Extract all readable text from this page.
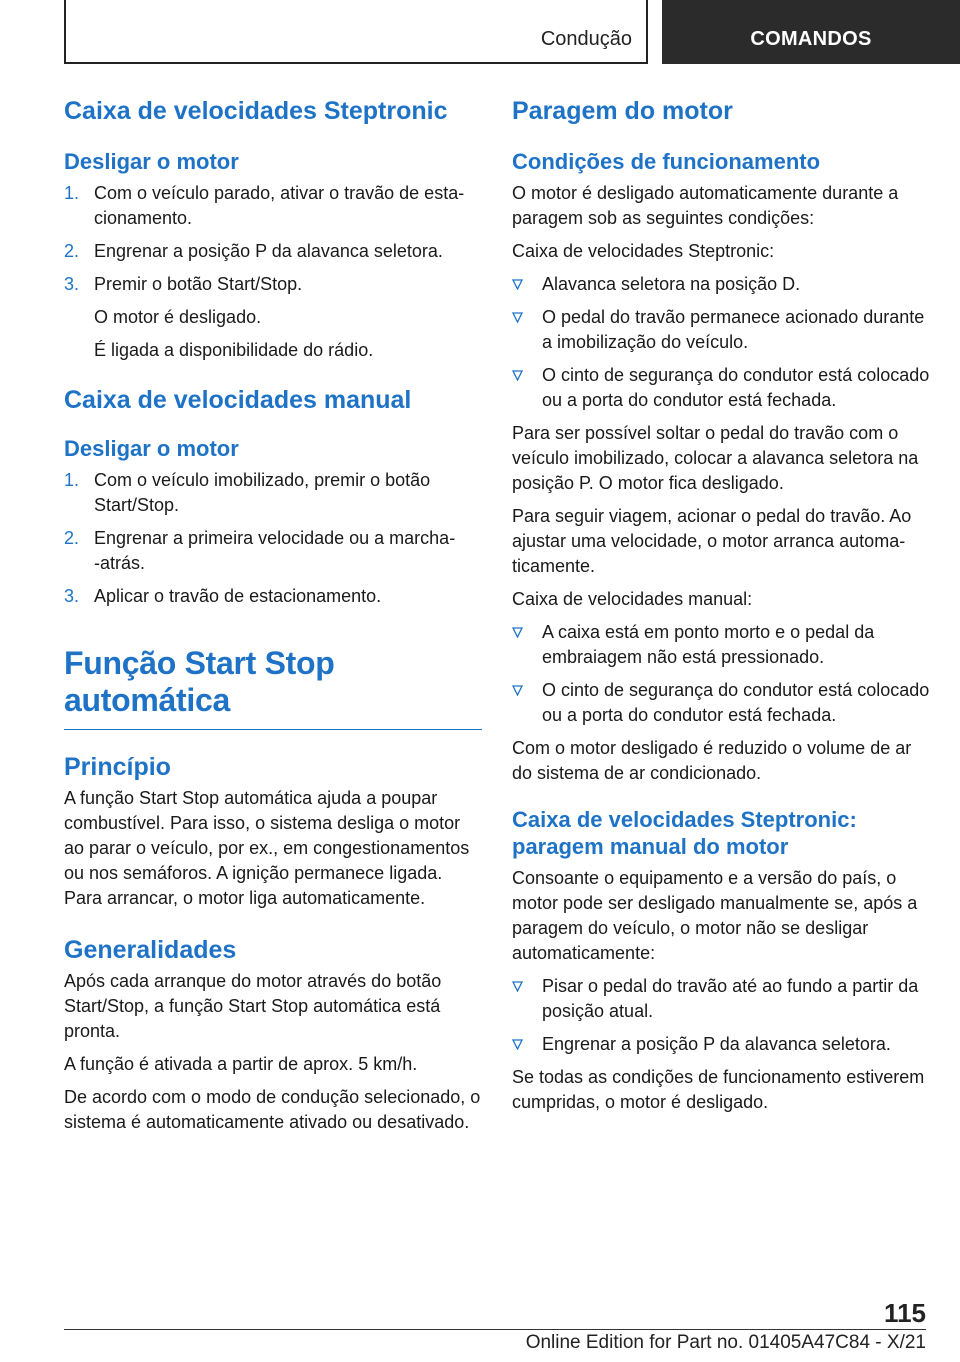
Condução	COMANDOS
Caixa de velocidades Steptronic
Desligar o motor
1. Com o veículo parado, ativar o travão de estacionamento.
2. Engrenar a posição P da alavanca seletora.
3. Premir o botão Start/Stop.
O motor é desligado.
É ligada a disponibilidade do rádio.
Caixa de velocidades manual
Desligar o motor
1. Com o veículo imobilizado, premir o botão Start/Stop.
2. Engrenar a primeira velocidade ou a marcha-‑atrás.
3. Aplicar o travão de estacionamento.
Função Start Stop automática
Princípio

A função Start Stop automática ajuda a poupar combustível. Para isso, o sistema desliga o motor ao parar o veículo, por ex., em congestionamentos ou nos semáforos. A ignição permanece ligada. Para arrancar, o motor liga automaticamente.

Generalidades

Após cada arranque do motor através do botão Start/Stop, a função Start Stop automática está pronta.

A função é ativada a partir de aprox. 5 km/h.

De acordo com o modo de condução selecionado, o sistema é automaticamente ativado ou desativado.

Paragem do motor
Condições de funcionamento

O motor é desligado automaticamente durante a paragem sob as seguintes condições:

Caixa de velocidades Steptronic:

Alavanca seletora na posição D.
O pedal do travão permanece acionado durante a imobilização do veículo.
O cinto de segurança do condutor está colocado ou a porta do condutor está fechada.

Para ser possível soltar o pedal do travão com o veículo imobilizado, colocar a alavanca seletora na posição P. O motor fica desligado.

Para seguir viagem, acionar o pedal do travão. Ao ajustar uma velocidade, o motor arranca automaticamente.

Caixa de velocidades manual:

A caixa está em ponto morto e o pedal da embraiagem não está pressionado.
O cinto de segurança do condutor está colocado ou a porta do condutor está fechada.

Com o motor desligado é reduzido o volume de ar do sistema de ar condicionado.

Caixa de velocidades Steptronic: paragem manual do motor

Consoante o equipamento e a versão do país, o motor pode ser desligado manualmente se, após a paragem do veículo, o motor não se desligar automaticamente:

Pisar o pedal do travão até ao fundo a partir da posição atual.
Engrenar a posição P da alavanca seletora.

Se todas as condições de funcionamento estiverem cumpridas, o motor é desligado.

115
Online Edition for Part no. 01405A47C84 - X/21
